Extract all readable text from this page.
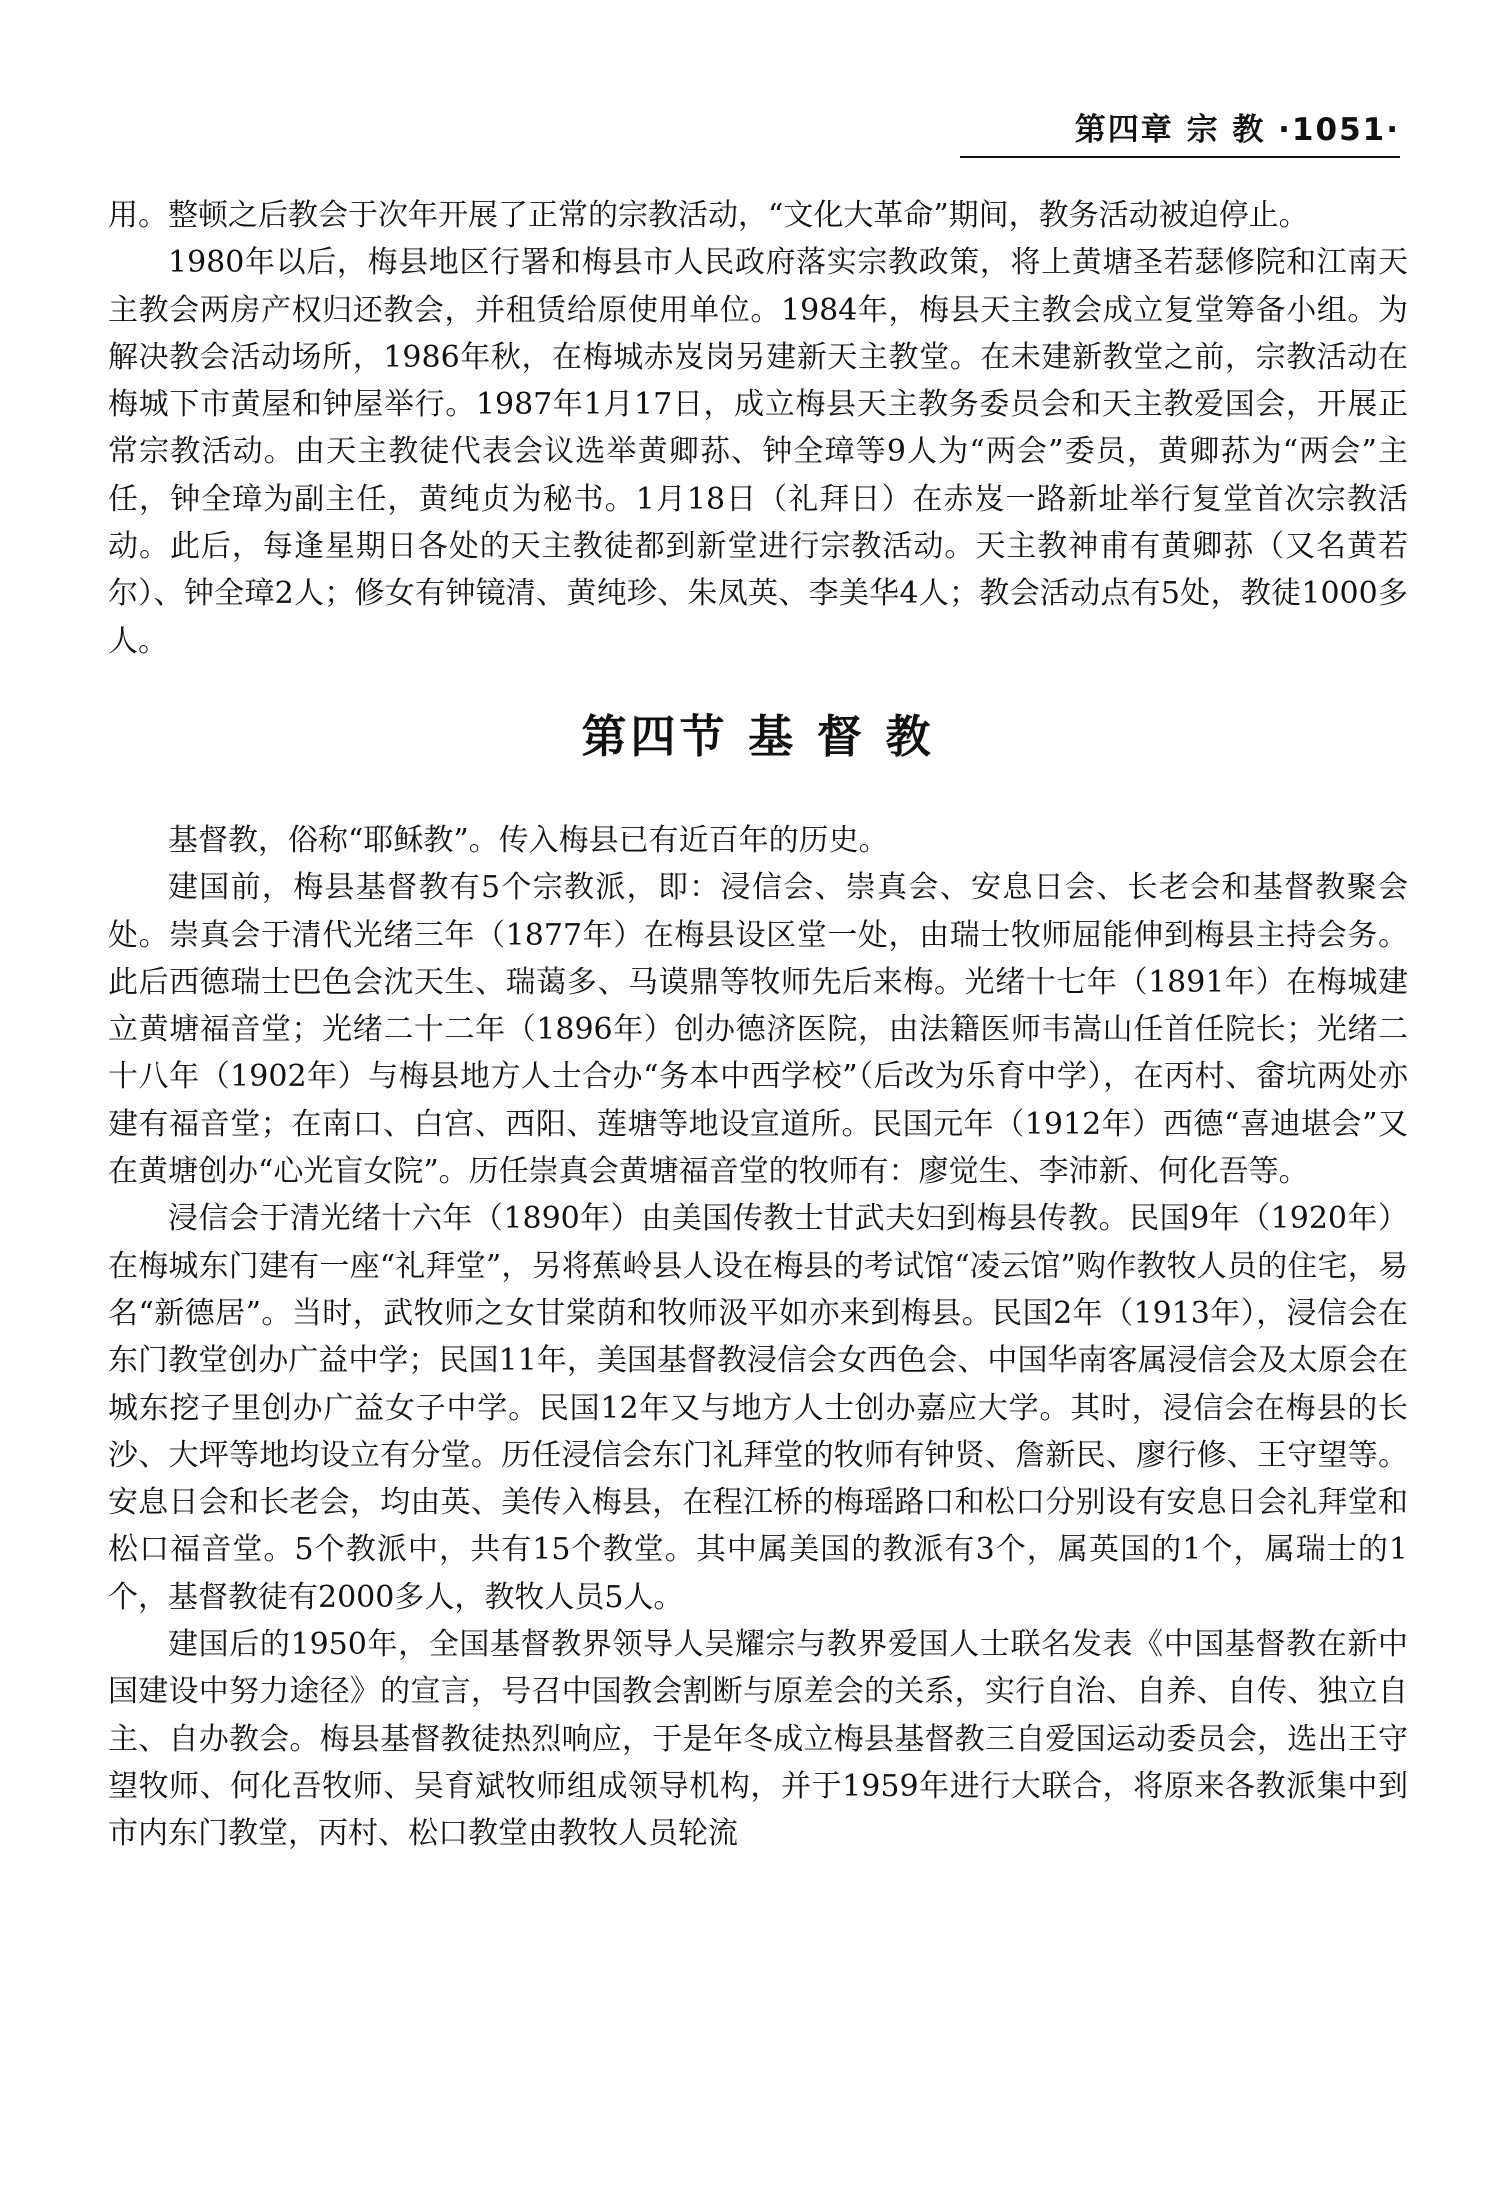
第四章 宗 教 ·1051·

用。整顿之后教会于次年开展了正常的宗教活动，“文化大革命”期间，教务活动被迫停止。

1980年以后，梅县地区行署和梅县市人民政府落实宗教政策，将上黄塘圣若瑟修院和江南天主教会两房产权归还教会，并租赁给原使用单位。1984年，梅县天主教会成立复堂筹备小组。为解决教会活动场所，1986年秋，在梅城赤岌岗另建新天主教堂。在未建新教堂之前，宗教活动在梅城下市黄屋和钟屋举行。1987年1月17日，成立梅县天主教务委员会和天主教爱国会，开展正常宗教活动。由天主教徒代表会议选举黄卿荪、钟全璋等9人为“两会”委员，黄卿荪为“两会”主任，钟全璋为副主任，黄纯贞为秘书。1月18日（礼拜日）在赤岌一路新址举行复堂首次宗教活动。此后，每逢星期日各处的天主教徒都到新堂进行宗教活动。天主教神甫有黄卿荪（又名黄若尔）、钟全璋2人；修女有钟镜清、黄纯珍、朱凤英、李美华4人；教会活动点有5处，教徒1000多人。

第四节 基 督 教

基督教，俗称“耶稣教”。传入梅县已有近百年的历史。

建国前，梅县基督教有5个宗教派，即：浸信会、崇真会、安息日会、长老会和基督教聚会处。崇真会于清代光绪三年（1877年）在梅县设区堂一处，由瑞士牧师屈能伸到梅县主持会务。此后西德瑞士巴色会沈天生、瑞蔼多、马谟鼎等牧师先后来梅。光绪十七年（1891年）在梅城建立黄塘福音堂；光绪二十二年（1896年）创办德济医院，由法籍医师韦嵩山任首任院长；光绪二十八年（1902年）与梅县地方人士合办“务本中西学校”（后改为乐育中学），在丙村、畲坑两处亦建有福音堂；在南口、白宫、西阳、莲塘等地设宣道所。民国元年（1912年）西德“喜迪堪会”又在黄塘创办“心光盲女院”。历任崇真会黄塘福音堂的牧师有：廖觉生、李沛新、何化吾等。

浸信会于清光绪十六年（1890年）由美国传教士甘武夫妇到梅县传教。民国9年（1920年）在梅城东门建有一座“礼拜堂”，另将蕉岭县人设在梅县的考试馆“凌云馆”购作教牧人员的住宅，易名“新德居”。当时，武牧师之女甘棠荫和牧师汲平如亦来到梅县。民国2年（1913年），浸信会在东门教堂创办广益中学；民国11年，美国基督教浸信会女西色会、中国华南客属浸信会及太原会在城东挖子里创办广益女子中学。民国12年又与地方人士创办嘉应大学。其时，浸信会在梅县的长沙、大坪等地均设立有分堂。历任浸信会东门礼拜堂的牧师有钟贤、詹新民、廖行修、王守望等。安息日会和长老会，均由英、美传入梅县，在程江桥的梅瑶路口和松口分别设有安息日会礼拜堂和松口福音堂。5个教派中，共有15个教堂。其中属美国的教派有3个，属英国的1个，属瑞士的1个，基督教徒有2000多人，教牧人员5人。

建国后的1950年，全国基督教界领导人吴耀宗与教界爱国人士联名发表《中国基督教在新中国建设中努力途径》的宣言，号召中国教会割断与原差会的关系，实行自治、自养、自传、独立自主、自办教会。梅县基督教徒热烈响应，于是年冬成立梅县基督教三自爱国运动委员会，选出王守望牧师、何化吾牧师、吴育斌牧师组成领导机构，并于1959年进行大联合，将原来各教派集中到市内东门教堂，丙村、松口教堂由教牧人员轮流
